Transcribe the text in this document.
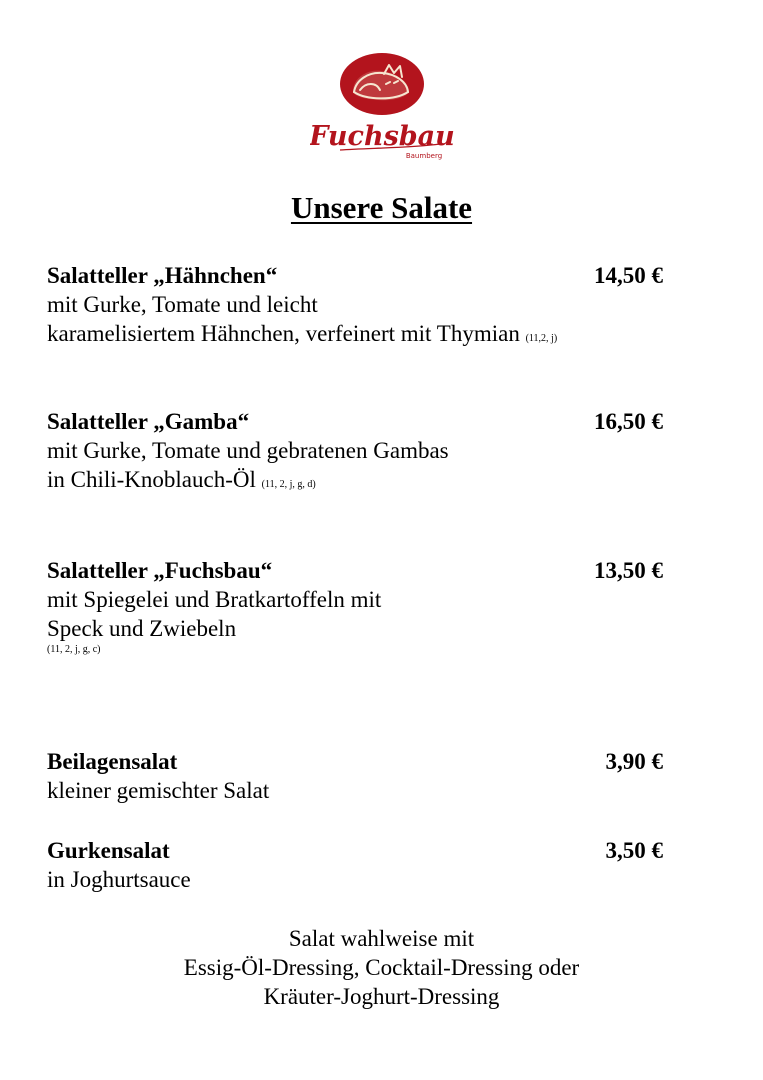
Fuchsbau
Baumberg
Unsere Salate
Salatteller „Hähnchen“	14,50 €
mit Gurke, Tomate und leicht
karamelisiertem Hähnchen, verfeinert mit Thymian (11,2, j)
Salatteller „Gamba“	16,50 €
mit Gurke, Tomate und gebratenen Gambas
in Chili-Knoblauch-Öl (11, 2, j, g, d)
Salatteller „Fuchsbau“	13,50 €
mit Spiegelei und Bratkartoffeln mit
Speck und Zwiebeln
(11, 2, j, g, c)
Beilagensalat	3,90 €
kleiner gemischter Salat
Gurkensalat	3,50 €
in Joghurtsauce
Salat wahlweise mit
Essig-Öl-Dressing, Cocktail-Dressing oder
Kräuter-Joghurt-Dressing
